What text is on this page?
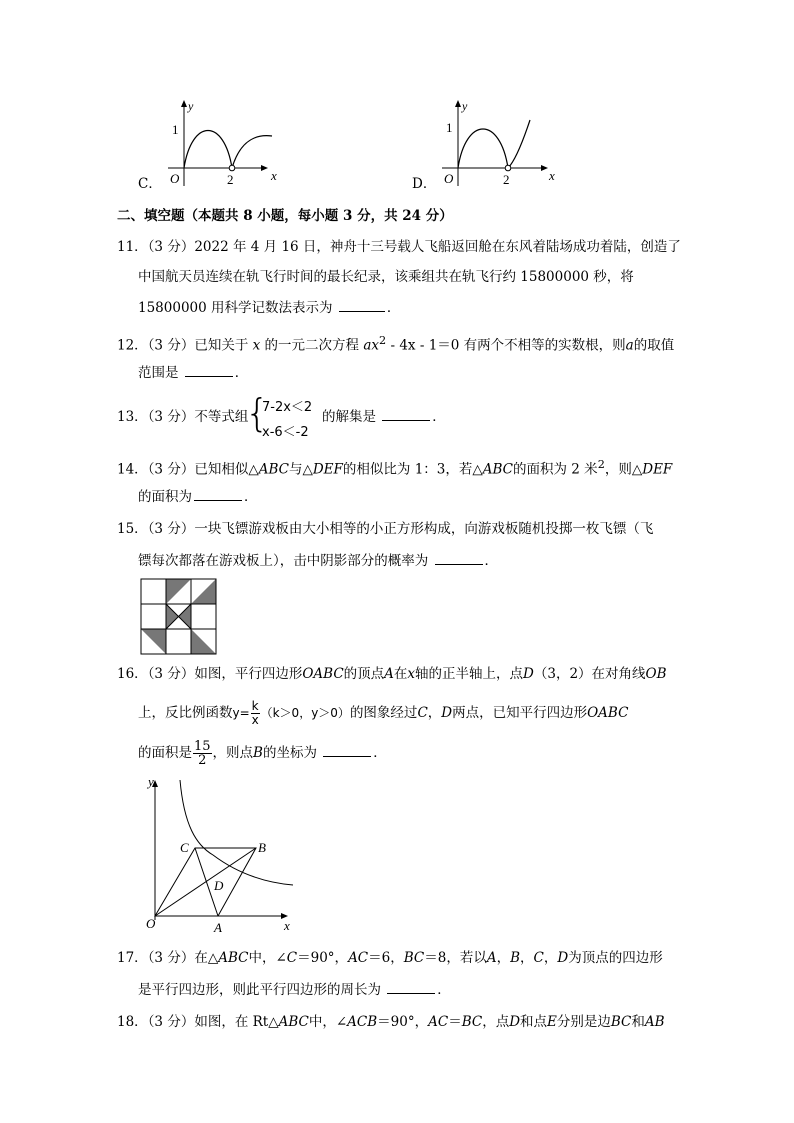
C．
y
1
O	2	x
D．
y
1
O	2	x
二、填空题（本题共 8 小题，每小题 3 分，共 24 分）
11．（3 分）2022 年 4 月 16 日，神舟十三号载人飞船返回舱在东风着陆场成功着陆，创造了
中国航天员连续在轨飞行时间的最长纪录，该乘组共在轨飞行约 15800000 秒，将
15800000 用科学记数法表示为	．
12．（3 分）已知关于 x 的一元二次方程 $ax^2 - 4x - 1=0$ 有两个不相等的实数根，则a的取值
范围是	．
13．（3 分）不等式组
{
7-2x＜2
x-6＜-2
的解集是	．
14．（3 分）已知相似△ABC与△DEF的相似比为 1：3，若△ABC的面积为 2 米$^2$，则△DEF
的面积为	．
15．（3 分）一块飞镖游戏板由大小相等的小正方形构成，向游戏板随机投掷一枚飞镖（飞
镖每次都落在游戏板上），击中阴影部分的概率为	．
16．（3 分）如图，平行四边形OABC的顶点A在x轴的正半轴上，点D（3，2）在对角线OB
上，反比例函数$y= \frac{k}{x} (k>0$，y＞0）的图象经过C，D两点，已知平行四边形OABC
的面积是 $\frac{15}{2}$ ，则点B的坐标为	．
y
x
O	A
B
C
D
17．（3 分）在△ABC中，∠C＝90°，AC＝6，BC＝8，若以A，B，C，D为顶点的四边形
是平行四边形，则此平行四边形的周长为	．
18．（3 分）如图，在 Rt△ABC中，∠ACB＝90°，AC＝BC，点D和点E分别是边BC和AB
